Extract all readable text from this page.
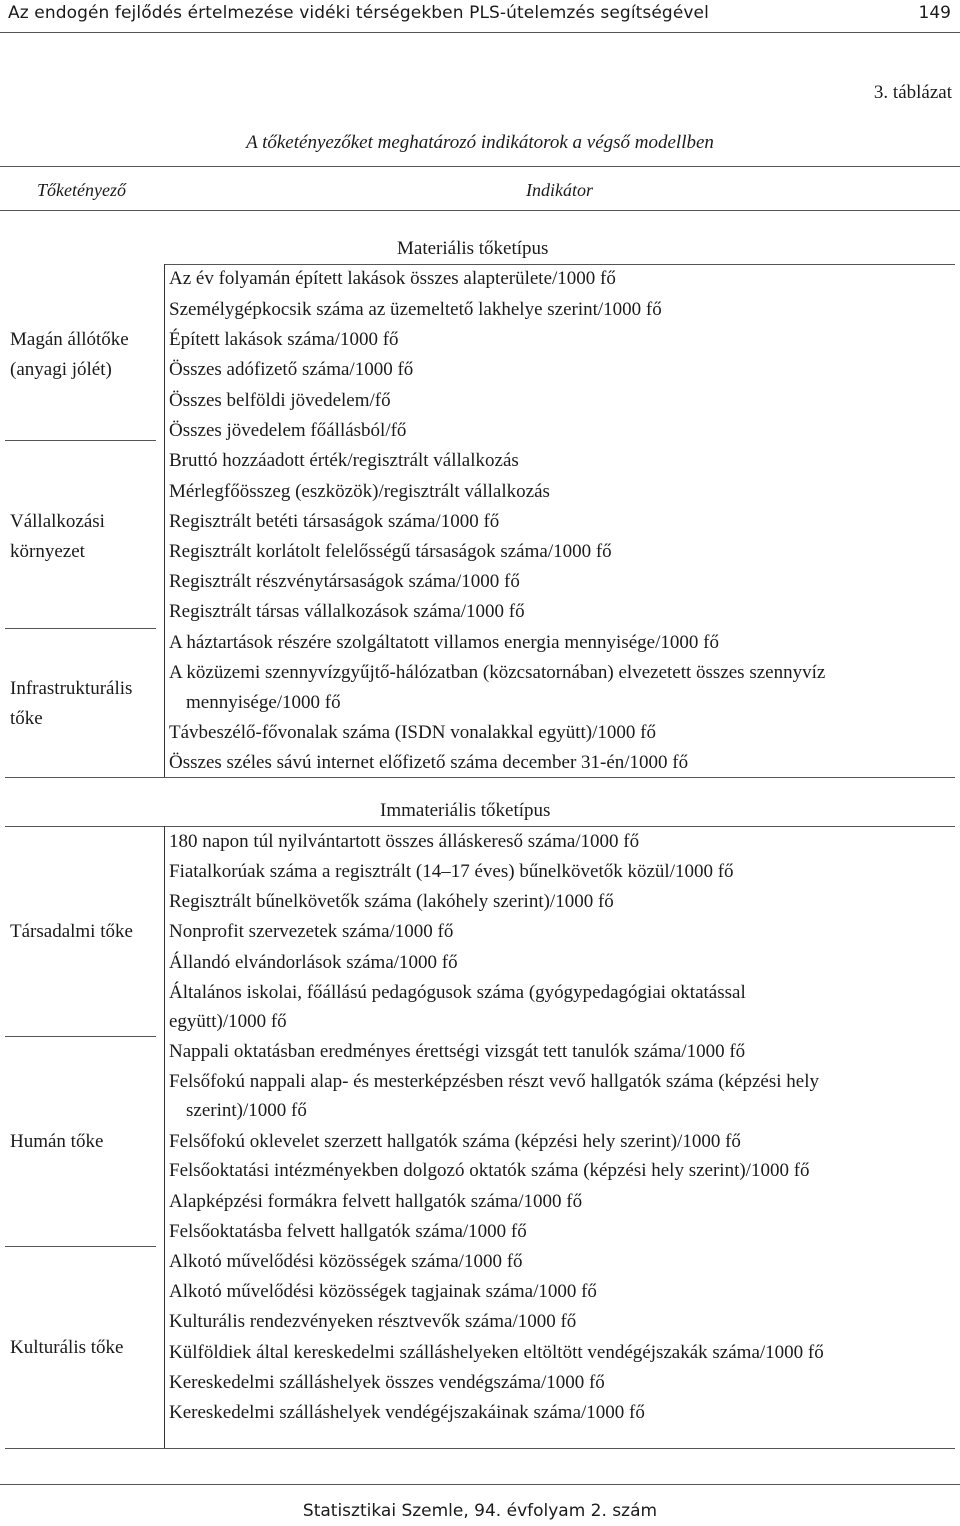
Az endogén fejlődés értelmezése vidéki térségekben PLS-útelemzés segítségével	149
3. táblázat
A tőketényezőket meghatározó indikátorok a végső modellben
Tőketényező	Indikátor
Materiális tőketípus
Magán állótőke
(anyagi jólét)
Vállalkozási
környezet
Infrastrukturális
tőke
Az év folyamán épített lakások összes alapterülete/1000 fő
Személygépkocsik száma az üzemeltető lakhelye szerint/1000 fő
Épített lakások száma/1000 fő
Összes adófizető száma/1000 fő
Összes belföldi jövedelem/fő
Összes jövedelem főállásból/fő
Bruttó hozzáadott érték/regisztrált vállalkozás
Mérlegfőösszeg (eszközök)/regisztrált vállalkozás
Regisztrált betéti társaságok száma/1000 fő
Regisztrált korlátolt felelősségű társaságok száma/1000 fő
Regisztrált részvénytársaságok száma/1000 fő
Regisztrált társas vállalkozások száma/1000 fő
A háztartások részére szolgáltatott villamos energia mennyisége/1000 fő
A közüzemi szennyvízgyűjtő-hálózatban (közcsatornában) elvezetett összes szennyvíz
mennyisége/1000 fő
Távbeszélő-fővonalak száma (ISDN vonalakkal együtt)/1000 fő
Összes széles sávú internet előfizető száma december 31-én/1000 fő
Immateriális tőketípus
Társadalmi tőke
Humán tőke
Kulturális tőke
180 napon túl nyilvántartott összes álláskereső száma/1000 fő
Fiatalkorúak száma a regisztrált (14–17 éves) bűnelkövetők közül/1000 fő
Regisztrált bűnelkövetők száma (lakóhely szerint)/1000 fő
Nonprofit szervezetek száma/1000 fő
Állandó elvándorlások száma/1000 fő
Általános iskolai, főállású pedagógusok száma (gyógypedagógiai oktatással
együtt)/1000 fő
Nappali oktatásban eredményes érettségi vizsgát tett tanulók száma/1000 fő
Felsőfokú nappali alap- és mesterképzésben részt vevő hallgatók száma (képzési hely
szerint)/1000 fő
Felsőfokú oklevelet szerzett hallgatók száma (képzési hely szerint)/1000 fő
Felsőoktatási intézményekben dolgozó oktatók száma (képzési hely szerint)/1000 fő
Alapképzési formákra felvett hallgatók száma/1000 fő
Felsőoktatásba felvett hallgatók száma/1000 fő
Alkotó művelődési közösségek száma/1000 fő
Alkotó művelődési közösségek tagjainak száma/1000 fő
Kulturális rendezvényeken résztvevők száma/1000 fő
Külföldiek által kereskedelmi szálláshelyeken eltöltött vendégéjszakák száma/1000 fő
Kereskedelmi szálláshelyek összes vendégszáma/1000 fő
Kereskedelmi szálláshelyek vendégéjszakáinak száma/1000 fő
Statisztikai Szemle, 94. évfolyam 2. szám
